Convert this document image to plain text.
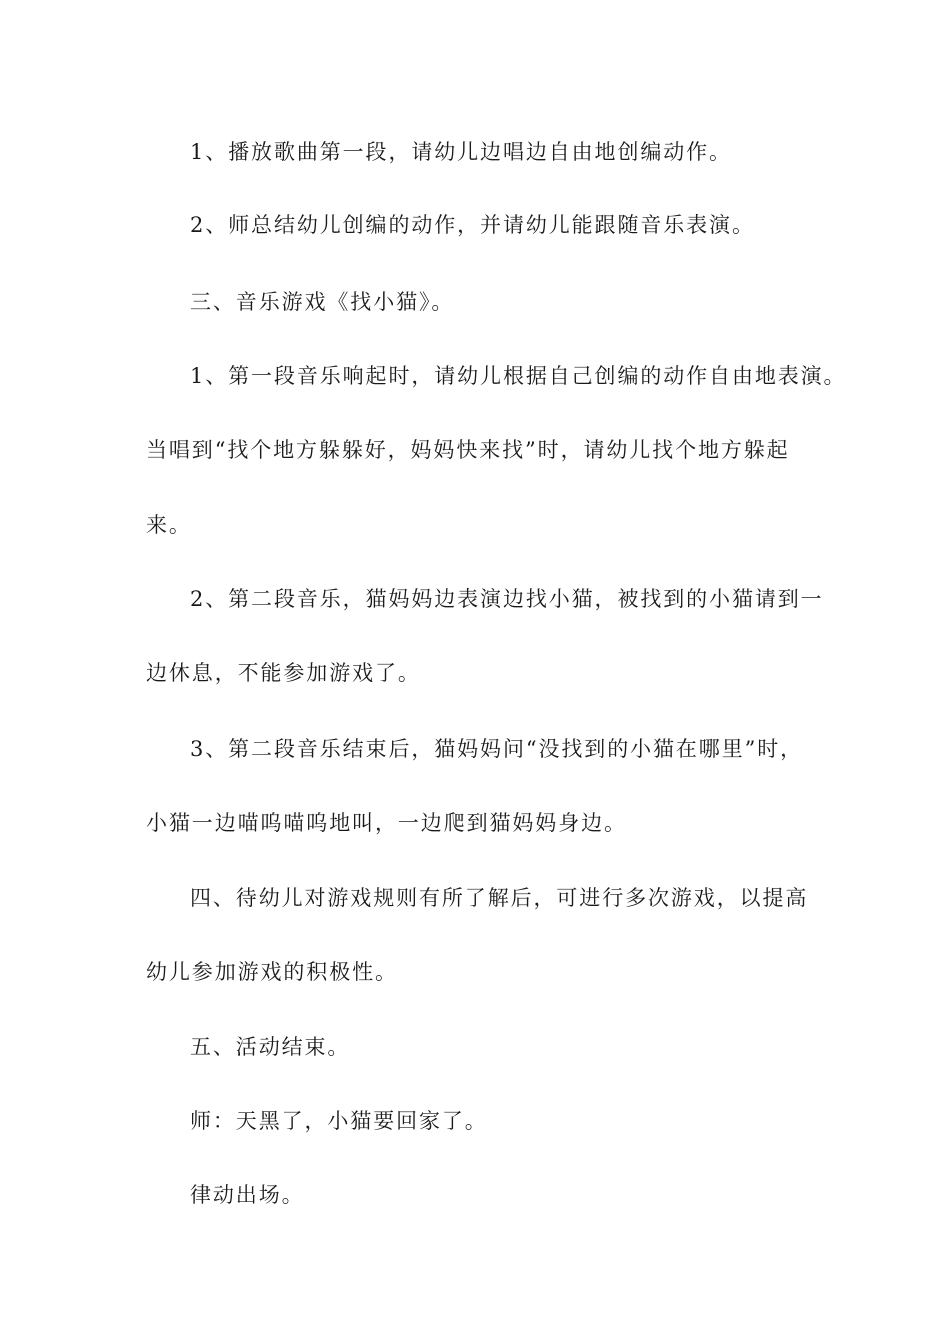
1、播放歌曲第一段，请幼儿边唱边自由地创编动作。

2、师总结幼儿创编的动作，并请幼儿能跟随音乐表演。

三、音乐游戏《找小猫》。

1、第一段音乐响起时，请幼儿根据自己创编的动作自由地表演。

当唱到“找个地方躲躲好，妈妈快来找”时，请幼儿找个地方躲起

来。

2、第二段音乐，猫妈妈边表演边找小猫，被找到的小猫请到一

边休息，不能参加游戏了。

3、第二段音乐结束后，猫妈妈问“没找到的小猫在哪里”时，

小猫一边喵呜喵呜地叫，一边爬到猫妈妈身边。

四、待幼儿对游戏规则有所了解后，可进行多次游戏，以提高

幼儿参加游戏的积极性。

五、活动结束。

师：天黑了，小猫要回家了。

律动出场。
